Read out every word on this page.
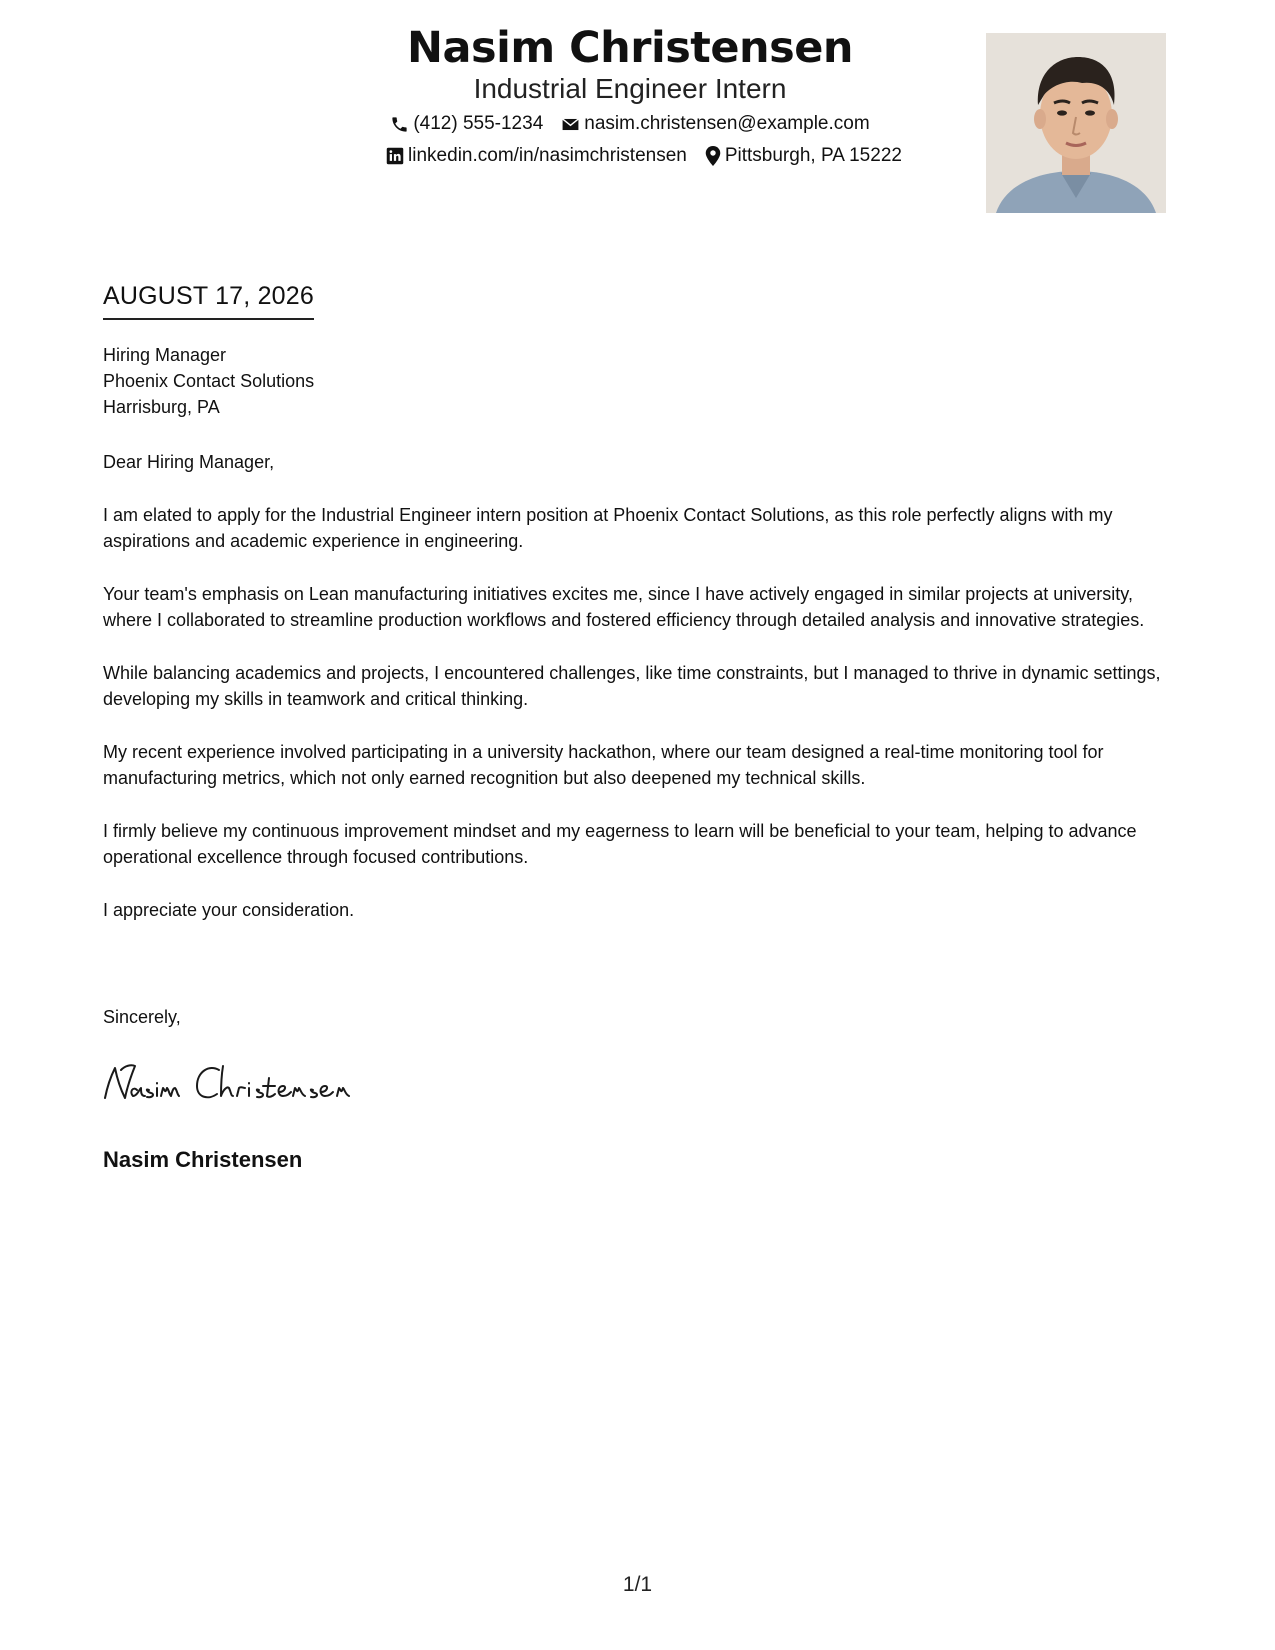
Nasim Christensen
Industrial Engineer Intern
(412) 555-1234 nasim.christensen@example.com
linkedin.com/in/nasimchristensen Pittsburgh, PA 15222
AUGUST 17, 2026
Hiring Manager
Phoenix Contact Solutions
Harrisburg, PA

Dear Hiring Manager,

I am elated to apply for the Industrial Engineer intern position at Phoenix Contact Solutions, as this role perfectly aligns with my aspirations and academic experience in engineering.

Your team's emphasis on Lean manufacturing initiatives excites me, since I have actively engaged in similar projects at university, where I collaborated to streamline production workflows and fostered efficiency through detailed analysis and innovative strategies.

While balancing academics and projects, I encountered challenges, like time constraints, but I managed to thrive in dynamic settings, developing my skills in teamwork and critical thinking.

My recent experience involved participating in a university hackathon, where our team designed a real-time monitoring tool for manufacturing metrics, which not only earned recognition but also deepened my technical skills.

I firmly believe my continuous improvement mindset and my eagerness to learn will be beneficial to your team, helping to advance operational excellence through focused contributions.

I appreciate your consideration.

Sincerely,
Nasim Christensen
1/1
